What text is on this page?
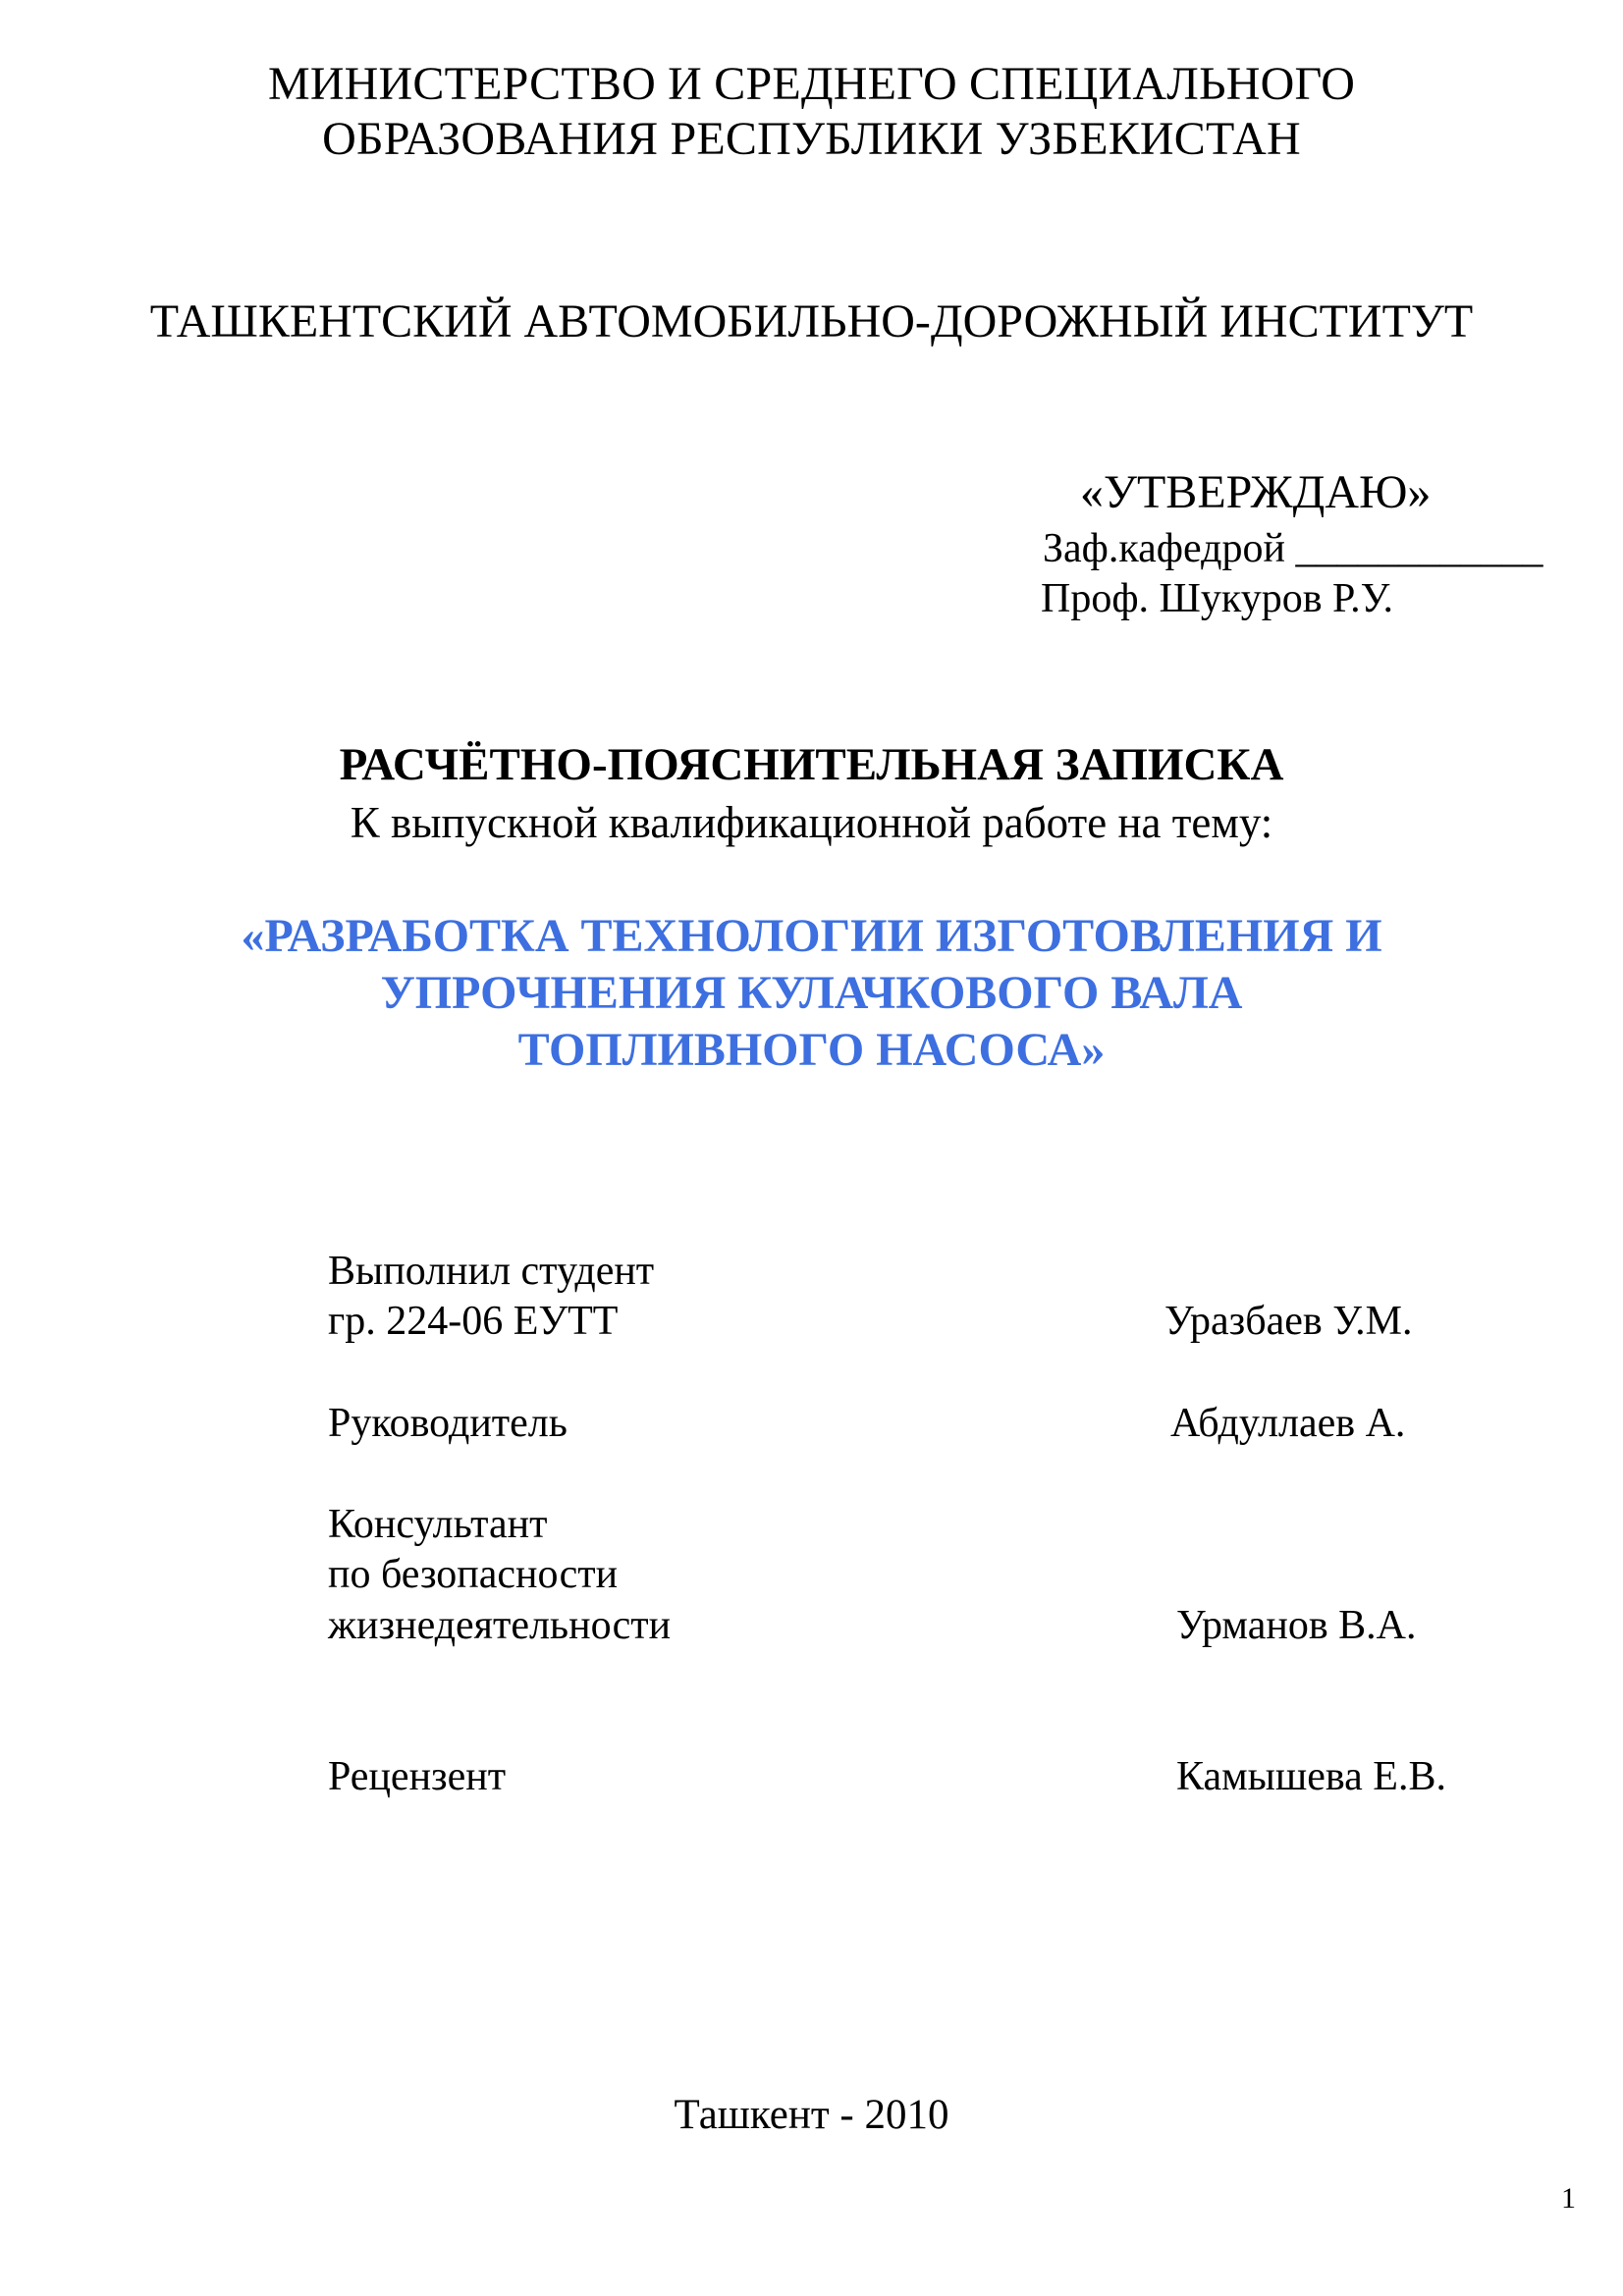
МИНИСТЕРСТВО И СРЕДНЕГО СПЕЦИАЛЬНОГО
ОБРАЗОВАНИЯ РЕСПУБЛИКИ УЗБЕКИСТАН
ТАШКЕНТСКИЙ АВТОМОБИЛЬНО-ДОРОЖНЫЙ ИНСТИТУТ
«УТВЕРЖДАЮ»
Заф.кафедрой ____________
Проф. Шукуров Р.У.
РАСЧЁТНО-ПОЯСНИТЕЛЬНАЯ ЗАПИСКА
К выпускной квалификационной работе на тему:
«РАЗРАБОТКА ТЕХНОЛОГИИ ИЗГОТОВЛЕНИЯ И
УПРОЧНЕНИЯ КУЛАЧКОВОГО ВАЛА
ТОПЛИВНОГО НАСОСА»
Выполнил студент
гр. 224-06 ЕУТТ	Уразбаев У.М.
Руководитель	Абдуллаев А.
Консультант
по безопасности
жизнедеятельности	Урманов В.А.
Рецензент	Камышева Е.В.
Ташкент - 2010
1
